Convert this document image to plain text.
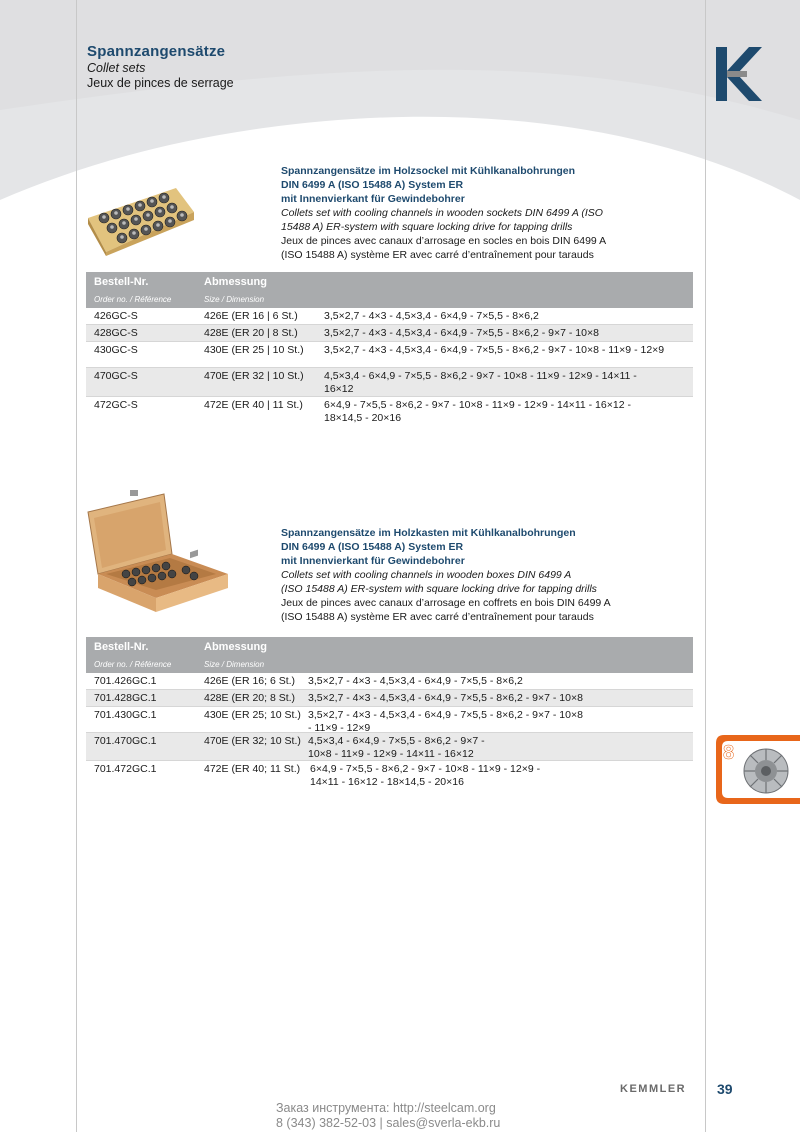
Spannzangensätze
Collet sets
Jeux de pinces de serrage
Spannzangensätze im Holzsockel mit Kühlkanalbohrungen
DIN 6499 A (ISO 15488 A) System ER
mit Innenvierkant für Gewindebohrer
Collets set with cooling channels in wooden sockets DIN 6499 A (ISO
15488 A) ER-system with square locking drive for tapping drills
Jeux de pinces avec canaux d’arrosage en socles en bois DIN 6499 A
(ISO 15488 A) système ER avec carré d’entraînement pour tarauds
Bestell-Nr.
Order no. / Référence
Abmessung
Size / Dimension
426GC-S	426E (ER 16 | 6 St.) 3,5×2,7 - 4×3 - 4,5×3,4 - 6×4,9 - 7×5,5 - 8×6,2
428GC-S	428E (ER 20 | 8 St.) 3,5×2,7 - 4×3 - 4,5×3,4 - 6×4,9 - 7×5,5 - 8×6,2 - 9×7 - 10×8
430GC-S	430E (ER 25 | 10 St.) 3,5×2,7 - 4×3 - 4,5×3,4 - 6×4,9 - 7×5,5 - 8×6,2 - 9×7 - 10×8 - 11×9 - 12×9
470GC-S	470E (ER 32 | 10 St.) 4,5×3,4 - 6×4,9 - 7×5,5 - 8×6,2 - 9×7 - 10×8 - 11×9 - 12×9 - 14×11 - 16×12
472GC-S	472E (ER 40 | 11 St.) 6×4,9 - 7×5,5 - 8×6,2 - 9×7 - 10×8 - 11×9 - 12×9 - 14×11 - 16×12 - 18×14,5 - 20×16
Spannzangensätze im Holzkasten mit Kühlkanalbohrungen
DIN 6499 A (ISO 15488 A) System ER
mit Innenvierkant für Gewindebohrer
Collets set with cooling channels in wooden boxes DIN 6499 A
(ISO 15488 A) ER-system with square locking drive for tapping drills
Jeux de pinces avec canaux d’arrosage en coffrets en bois DIN 6499 A
(ISO 15488 A) système ER avec carré d’entraînement pour tarauds
Bestell-Nr.
Order no. / Référence
Abmessung
Size / Dimension
701.426GC.1	426E (ER 16; 6 St.) 3,5×2,7 - 4×3 - 4,5×3,4 - 6×4,9 - 7×5,5 - 8×6,2
701.428GC.1	428E (ER 20; 8 St.) 3,5×2,7 - 4×3 - 4,5×3,4 - 6×4,9 - 7×5,5 - 8×6,2 - 9×7 - 10×8
701.430GC.1	430E (ER 25; 10 St.) 3,5×2,7 - 4×3 - 4,5×3,4 - 6×4,9 - 7×5,5 - 8×6,2 - 9×7 - 10×8 - 11×9 - 12×9
701.470GC.1	470E (ER 32; 10 St.) 4,5×3,4 - 6×4,9 - 7×5,5 - 8×6,2 - 9×7 - 10×8 - 11×9 - 12×9 - 14×11 - 16×12
701.472GC.1	472E (ER 40; 11 St.) 6×4,9 - 7×5,5 - 8×6,2 - 9×7 - 10×8 - 11×9 - 12×9 - 14×11 - 16×12 - 18×14,5 - 20×16
8
KEMMLER 39
Заказ инструмента: http://steelcam.org
8 (343) 382-52-03 | sales@sverla-ekb.ru
